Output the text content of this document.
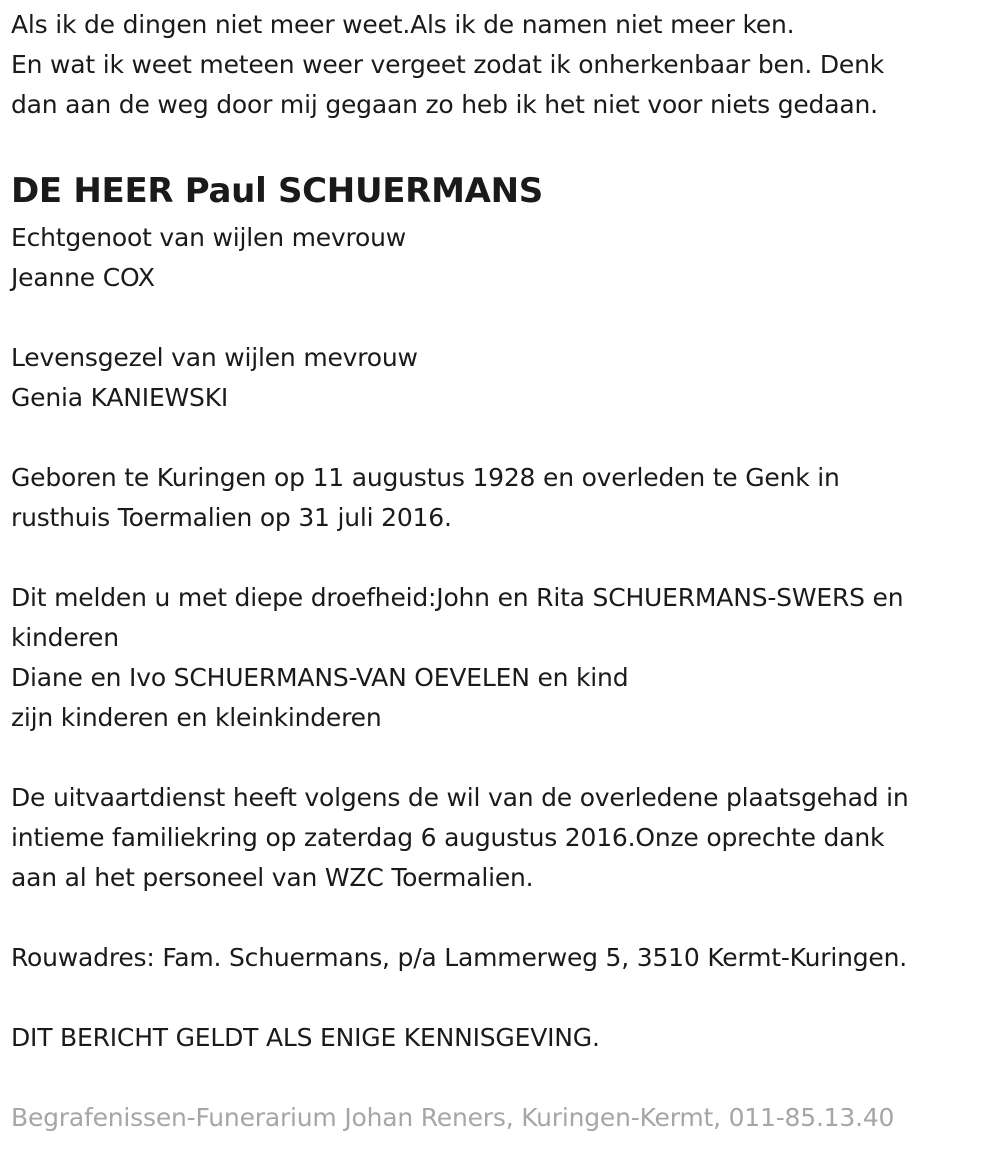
Als ik de dingen niet meer weet.Als ik de namen niet meer ken.
En wat ik weet meteen weer vergeet zodat ik onherkenbaar ben. Denk
dan aan de weg door mij gegaan zo heb ik het niet voor niets gedaan.
DE HEER Paul SCHUERMANS
Echtgenoot van wijlen mevrouw
Jeanne COX
Levensgezel van wijlen mevrouw
Genia KANIEWSKI
Geboren te Kuringen op 11 augustus 1928 en overleden te Genk in
rusthuis Toermalien op 31 juli 2016.
Dit melden u met diepe droefheid:John en Rita SCHUERMANS-SWERS en
kinderen
Diane en Ivo SCHUERMANS-VAN OEVELEN en kind
zijn kinderen en kleinkinderen
De uitvaartdienst heeft volgens de wil van de overledene plaatsgehad in
intieme familiekring op zaterdag 6 augustus 2016.Onze oprechte dank
aan al het personeel van WZC Toermalien.
Rouwadres: Fam. Schuermans, p/a Lammerweg 5, 3510 Kermt-Kuringen.
DIT BERICHT GELDT ALS ENIGE KENNISGEVING.
Begrafenissen-Funerarium Johan Reners, Kuringen-Kermt, 011-85.13.40
